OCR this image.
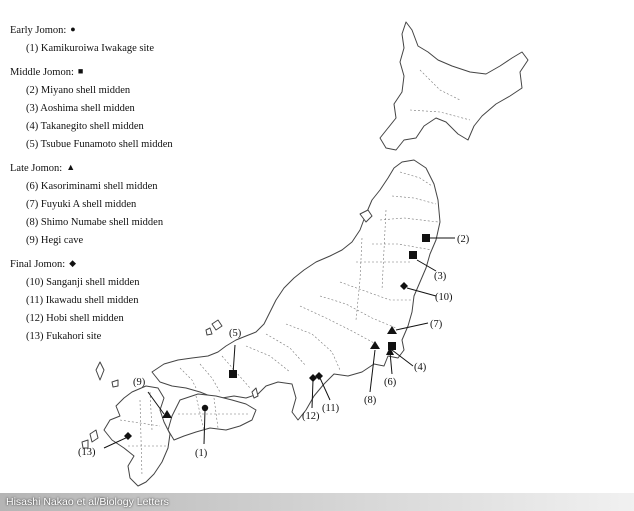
(1)
(2)
(3)
(4)
(5)
(6)
(7)
(8)
(9)
(10)
(11)
(12)
(13)
Early Jomon: ●
(1) Kamikuroiwa Iwakage site
Middle Jomon: ■
(2) Miyano shell midden
(3) Aoshima shell midden
(4) Takanegito shell midden
(5) Tsubue Funamoto shell midden
Late Jomon: ▲
(6) Kasoriminami shell midden
(7) Fuyuki A shell midden
(8) Shimo Numabe shell midden
(9) Hegi cave
Final Jomon: ◆
(10) Sanganji shell midden
(11) Ikawadu shell midden
(12) Hobi shell midden
(13) Fukahori site
Hisashi Nakao et al/Biology Letters
